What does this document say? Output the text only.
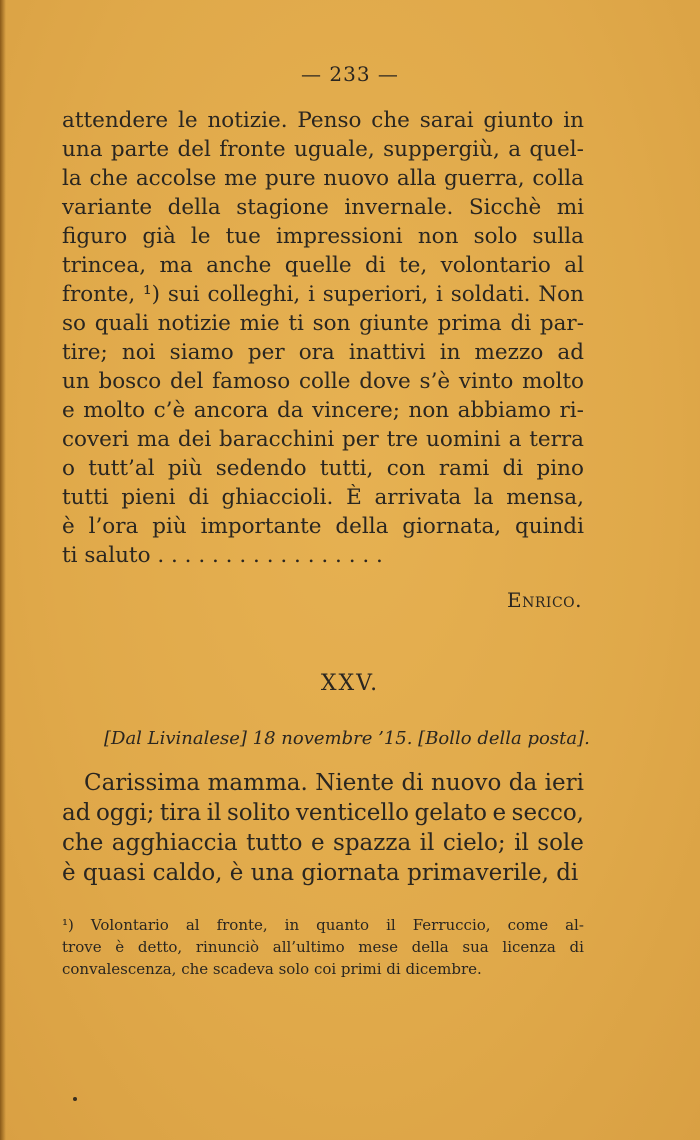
— 233 —
attendere le notizie. Penso che sarai giunto in
una parte del fronte uguale, suppergiù, a quel-
la che accolse me pure nuovo alla guerra, colla
variante della stagione invernale. Sicchè mi
figuro già le tue impressioni non solo sulla
trincea, ma anche quelle di te, volontario al
fronte, ¹) sui colleghi, i superiori, i soldati. Non
so quali notizie mie ti son giunte prima di par-
tire; noi siamo per ora inattivi in mezzo ad
un bosco del famoso colle dove s’è vinto molto
e molto c’è ancora da vincere; non abbiamo ri-
coveri ma dei baracchini per tre uomini a terra
o tutt’al più sedendo tutti, con rami di pino
tutti pieni di ghiaccioli. È arrivata la mensa,
è l’ora più importante della giornata, quindi
ti saluto . . . . . . . . . . . . . . . . .
Enrico.
XXV.
[Dal Livinalese] 18 novembre ’15. [Bollo della posta].
Carissima mamma. Niente di nuovo da ieri
ad oggi; tira il solito venticello gelato e secco,
che agghiaccia tutto e spazza il cielo; il sole
è quasi caldo, è una giornata primaverile, di
¹) Volontario al fronte, in quanto il Ferruccio, come al-
trove è detto, rinunciò all’ultimo mese della sua licenza di
convalescenza, che scadeva solo coi primi di dicembre.
